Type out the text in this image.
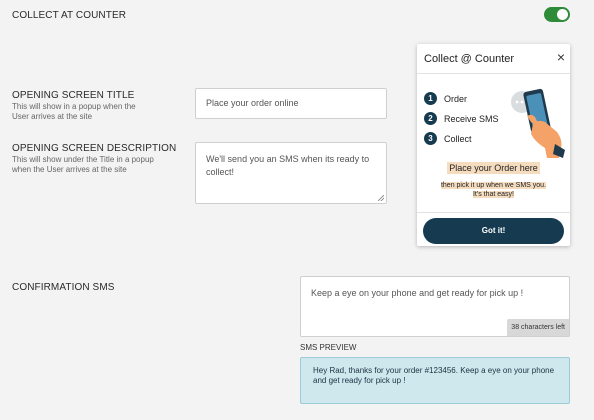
COLLECT AT COUNTER
OPENING SCREEN TITLE
This will show in a popup when the
User arrives at the site
Place your order online
OPENING SCREEN DESCRIPTION
This will show under the Title in a popup
when the User arrives at the site
We'll send you an SMS when its ready to
collect!
CONFIRMATION SMS	Keep a eye on your phone and get ready for pick up !
38 characters left
SMS PREVIEW
Hey Rad, thanks for your order #123456. Keep a eye on your phone
and get ready for pick up !
Collect @ Counter	×
1	Order
2	Receive SMS
3	Collect
Place your Order here
then pick it up when we SMS you.
It's that easy!
Got it!
